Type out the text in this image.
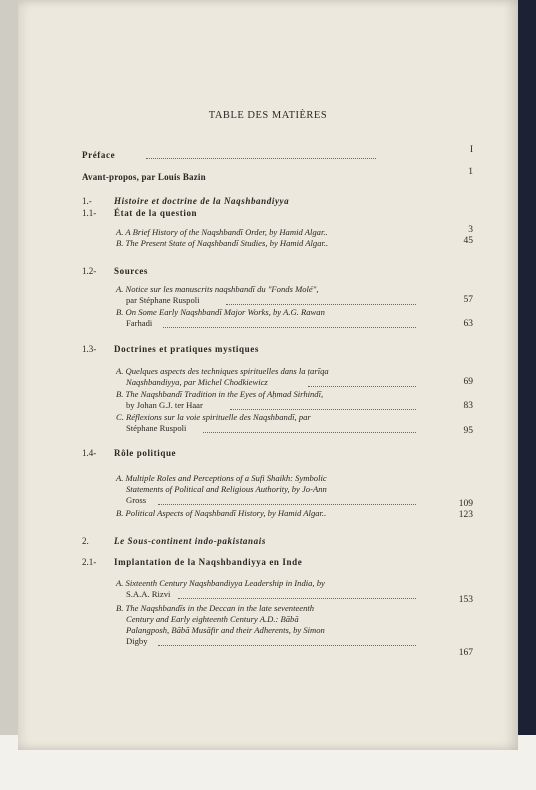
TABLE DES MATIÈRES
Préface	I
Avant-propos, par Louis Bazin	1
1.- Histoire et doctrine de la Naqshbandiyya
1.1- État de la question
A. A Brief History of the Naqshbandī Order, by Hamid Algar..	3
B. The Present State of Naqshbandī Studies, by Hamid Algar..	45
1.2- Sources
A. Notice sur les manuscrits naqshbandī du "Fonds Molé",
par Stéphane Ruspoli	57
B. On Some Early Naqshbandī Major Works, by A.G. Rawan
Farhadi	63
1.3- Doctrines et pratiques mystiques
A. Quelques aspects des techniques spirituelles dans la ṭarīqa
Naqshbandiyya, par Michel Chodkiewicz	69
B. The Naqshbandī Tradition in the Eyes of Aḥmad Sirhindī,
by Johan G.J. ter Haar	83
C. Réflexions sur la voie spirituelle des Naqshbandī, par
Stéphane Ruspoli	95
1.4- Rôle politique
A. Multiple Roles and Perceptions of a Sufi Shaikh: Symbolic
Statements of Political and Religious Authority, by Jo-Ann
Gross	109
B. Political Aspects of Naqshbandī History, by Hamid Algar..	123
2.	Le Sous-continent indo-pakistanais
2.1- Implantation de la Naqshbandiyya en Inde
A. Sixteenth Century Naqshbandiyya Leadership in India, by
S.A.A. Rizvi
153
B. The Naqshbandīs in the Deccan in the late seventeenth
Century and Early eighteenth Century A.D.: Bābā
Palangposh, Bābā Musāfir and their Adherents, by Simon
Digby
167
